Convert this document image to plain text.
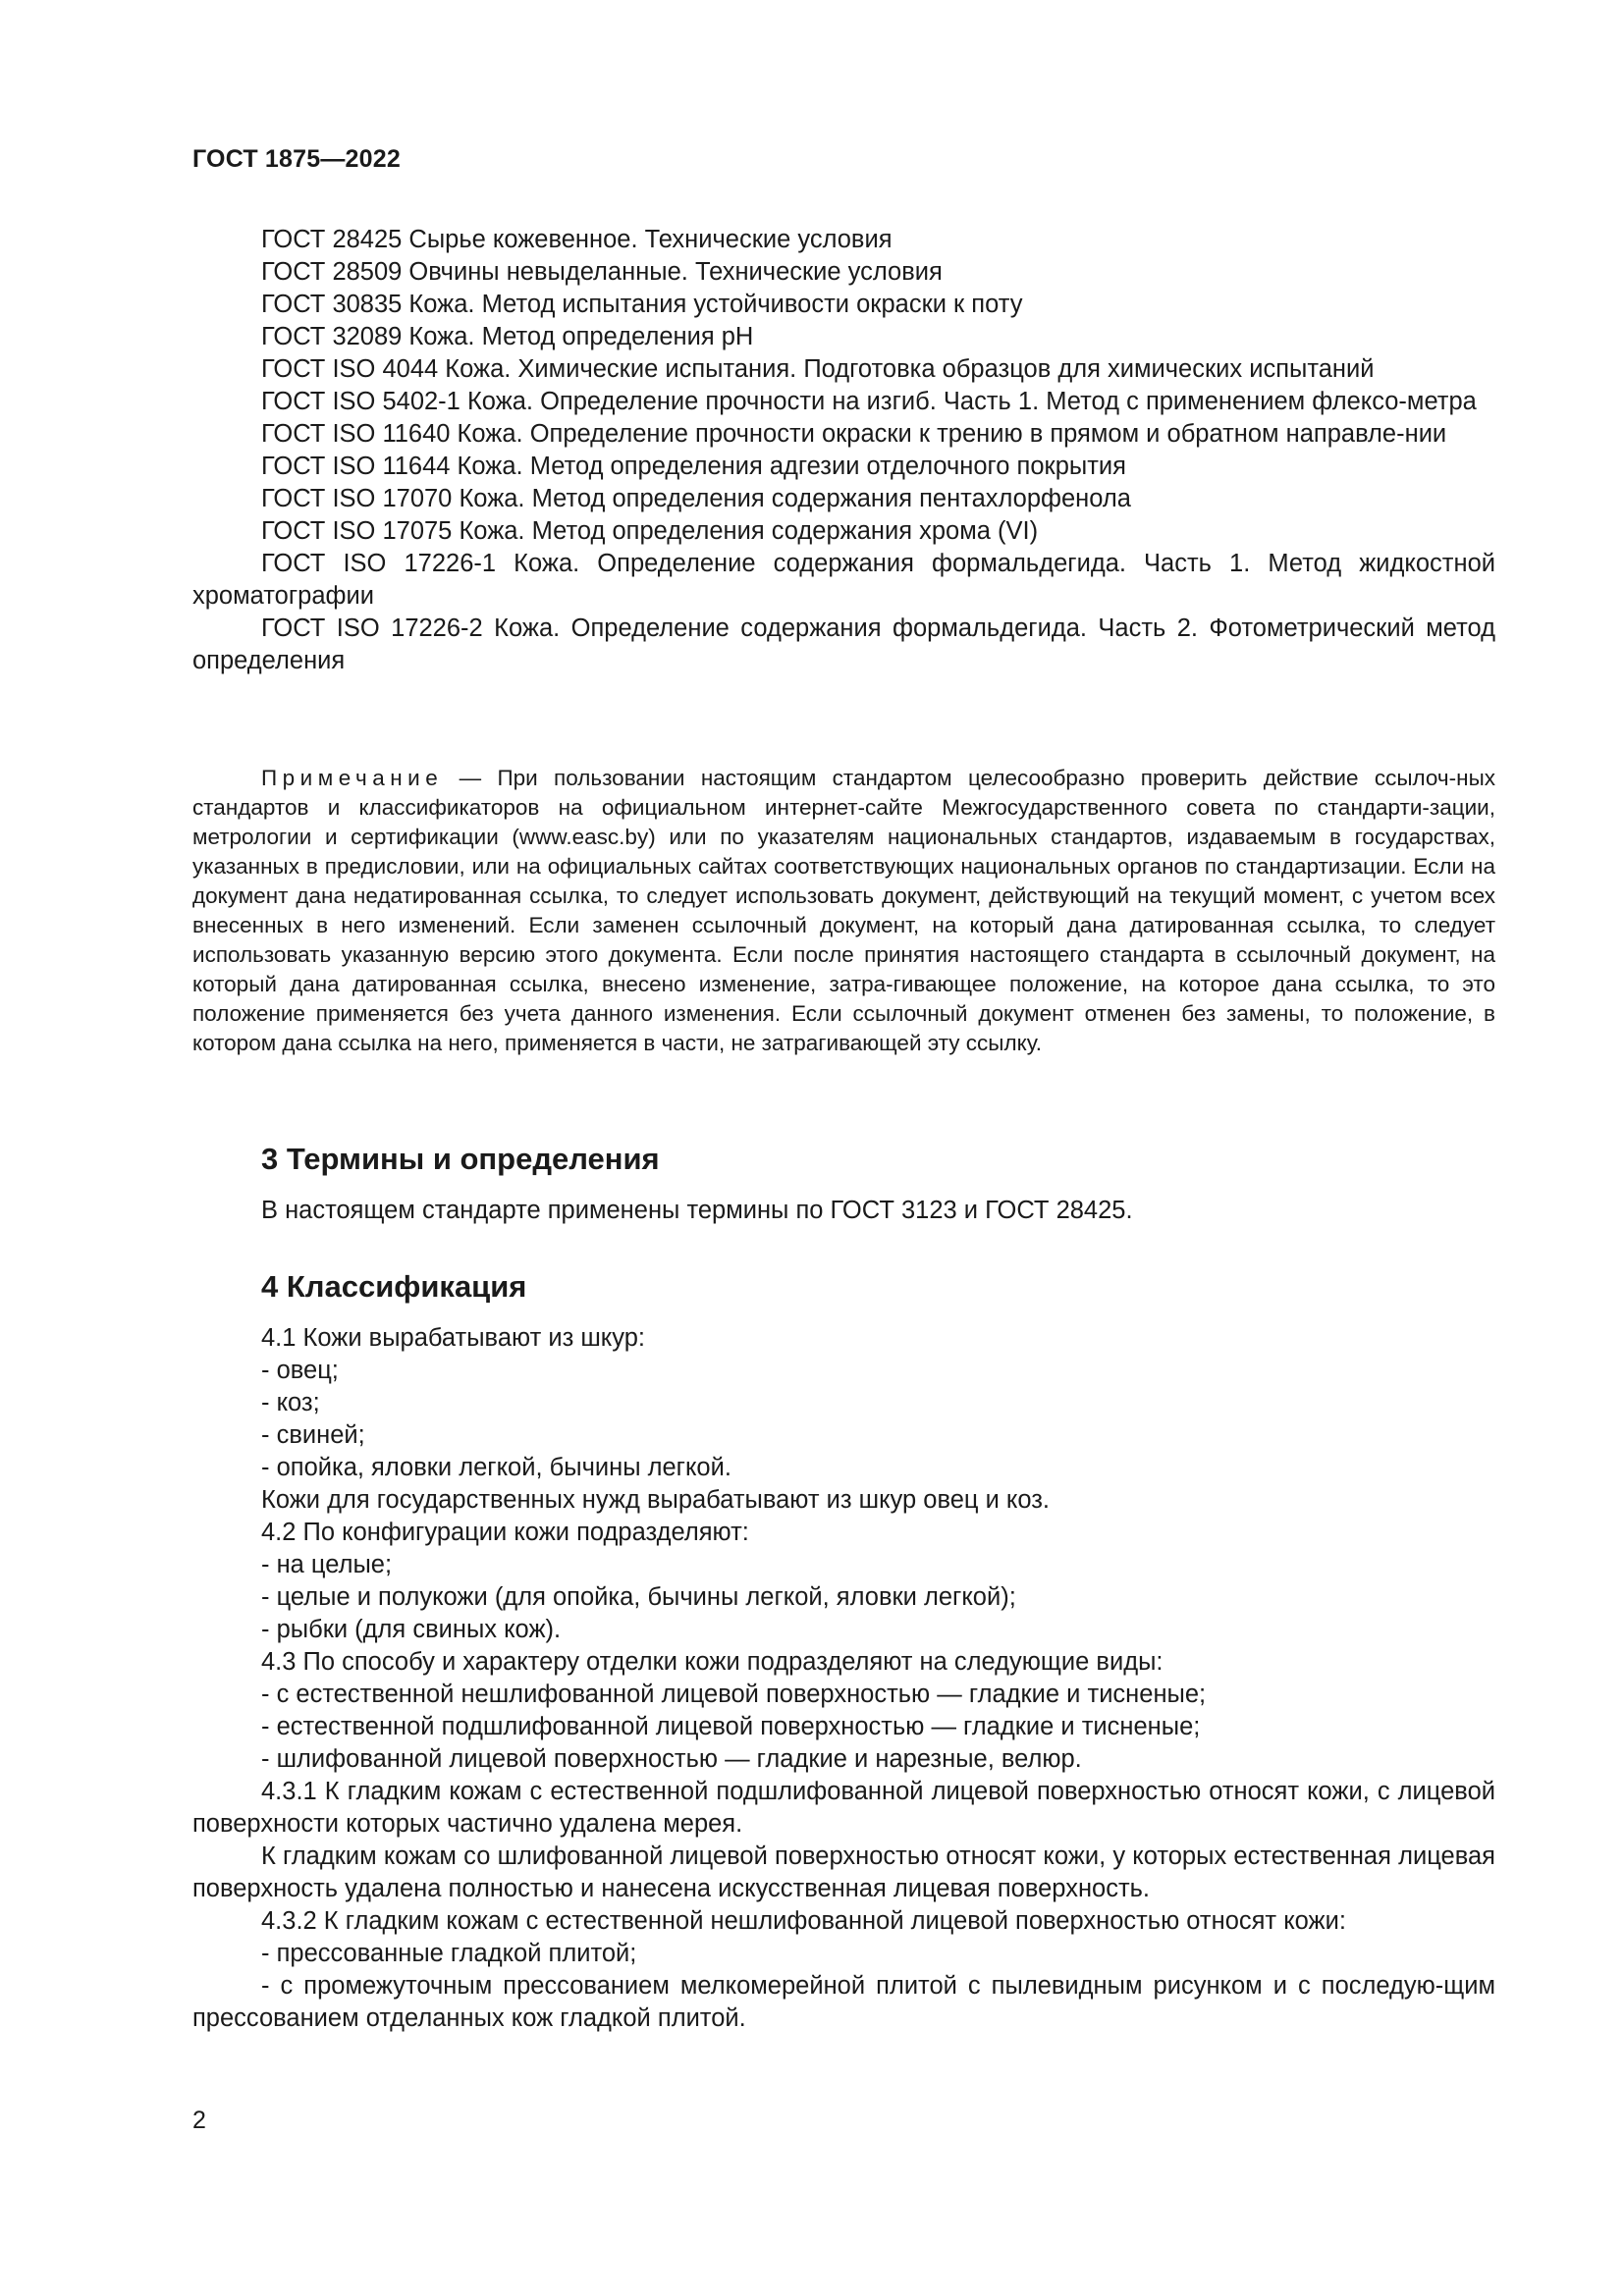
ГОСТ 1875—2022

ГОСТ 28425 Сырье кожевенное. Технические условия

ГОСТ 28509 Овчины невыделанные. Технические условия

ГОСТ 30835 Кожа. Метод испытания устойчивости окраски к поту

ГОСТ 32089 Кожа. Метод определения pH

ГОСТ ISO 4044 Кожа. Химические испытания. Подготовка образцов для химических испытаний

ГОСТ ISO 5402-1 Кожа. Определение прочности на изгиб. Часть 1. Метод с применением флексо-метра

ГОСТ ISO 11640 Кожа. Определение прочности окраски к трению в прямом и обратном направле-нии

ГОСТ ISO 11644 Кожа. Метод определения адгезии отделочного покрытия

ГОСТ ISO 17070 Кожа. Метод определения содержания пентахлорфенола

ГОСТ ISO 17075 Кожа. Метод определения содержания хрома (VI)

ГОСТ ISO 17226-1 Кожа. Определение содержания формальдегида. Часть 1. Метод жидкостной хроматографии

ГОСТ ISO 17226-2 Кожа. Определение содержания формальдегида. Часть 2. Фотометрический метод определения

Примечание — При пользовании настоящим стандартом целесообразно проверить действие ссылоч-ных стандартов и классификаторов на официальном интернет-сайте Межгосударственного совета по стандарти-зации, метрологии и сертификации (www.easc.by) или по указателям национальных стандартов, издаваемым в государствах, указанных в предисловии, или на официальных сайтах соответствующих национальных органов по стандартизации. Если на документ дана недатированная ссылка, то следует использовать документ, действующий на текущий момент, с учетом всех внесенных в него изменений. Если заменен ссылочный документ, на который дана датированная ссылка, то следует использовать указанную версию этого документа. Если после принятия настоящего стандарта в ссылочный документ, на который дана датированная ссылка, внесено изменение, затра-гивающее положение, на которое дана ссылка, то это положение применяется без учета данного изменения. Если ссылочный документ отменен без замены, то положение, в котором дана ссылка на него, применяется в части, не затрагивающей эту ссылку.

3 Термины и определения

В настоящем стандарте применены термины по ГОСТ 3123 и ГОСТ 28425.

4 Классификация

4.1 Кожи вырабатывают из шкур:

- овец;

- коз;

- свиней;

- опойка, яловки легкой, бычины легкой.

Кожи для государственных нужд вырабатывают из шкур овец и коз.

4.2 По конфигурации кожи подразделяют:

- на целые;

- целые и полукожи (для опойка, бычины легкой, яловки легкой);

- рыбки (для свиных кож).

4.3 По способу и характеру отделки кожи подразделяют на следующие виды:

- с естественной нешлифованной лицевой поверхностью — гладкие и тисненые;

- естественной подшлифованной лицевой поверхностью — гладкие и тисненые;

- шлифованной лицевой поверхностью — гладкие и нарезные, велюр.

4.3.1 К гладким кожам с естественной подшлифованной лицевой поверхностью относят кожи, с лицевой поверхности которых частично удалена мерея.

К гладким кожам со шлифованной лицевой поверхностью относят кожи, у которых естественная лицевая поверхность удалена полностью и нанесена искусственная лицевая поверхность.

4.3.2 К гладким кожам с естественной нешлифованной лицевой поверхностью относят кожи:

- прессованные гладкой плитой;

- с промежуточным прессованием мелкомерейной плитой с пылевидным рисунком и с последую-щим прессованием отделанных кож гладкой плитой.

2
